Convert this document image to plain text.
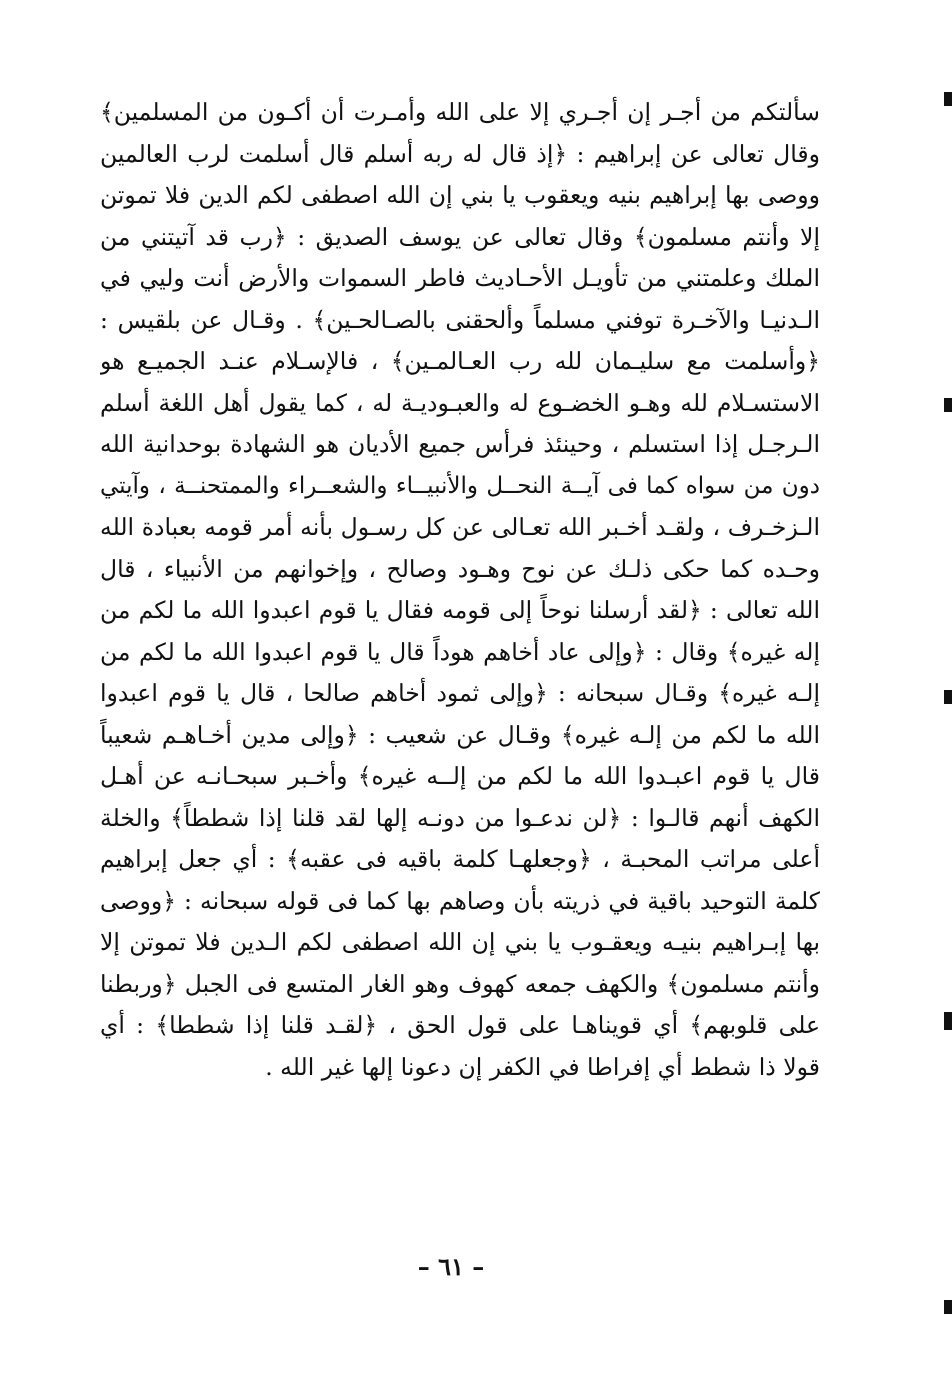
سألتكم من أجـر إن أجـري إلا على الله وأمـرت أن أكـون من المسلمين﴾
وقال تعالى عن إبراهيم : ﴿إذ قال له ربه أسلم قال أسلمت لرب العالمين
ووصى بها إبراهيم بنيه ويعقوب يا بني إن الله اصطفى لكم الدين فلا تموتن
إلا وأنتم مسلمون﴾ وقال تعالى عن يوسف الصديق : ﴿رب قد آتيتني من
الملك وعلمتني من تأويـل الأحـاديث فاطر السموات والأرض أنت وليي في
الـدنيـا والآخـرة توفني مسلماً وألحقنى بالصـالحـين﴾ . وقـال عن بلقيس :
﴿وأسلمت مع سليـمان لله رب العـالمـين﴾ ، فالإسـلام عنـد الجميـع هو
الاستسـلام لله وهـو الخضـوع له والعبـوديـة له ، كما يقول أهل اللغة أسلم
الـرجـل إذا استسلم ، وحينئذ فرأس جميع الأديان هو الشهادة بوحدانية الله
دون من سواه كما فى آيــة النحــل والأنبيــاء والشعــراء والممتحنــة ، وآيتي
الـزخـرف ، ولقـد أخـبر الله تعـالى عن كل رسـول بأنه أمر قومه بعبادة الله
وحـده كما حكى ذلـك عن نوح وهـود وصالح ، وإخوانهم من الأنبياء ، قال
الله تعالى : ﴿لقد أرسلنا نوحاً إلى قومه فقال يا قوم اعبدوا الله ما لكم من
إله غيره﴾ وقال : ﴿وإلى عاد أخاهم هوداً قال يا قوم اعبدوا الله ما لكم من
إلـه غيره﴾ وقـال سبحانه : ﴿وإلى ثمود أخاهم صالحا ، قال يا قوم اعبدوا
الله ما لكم من إلـه غيره﴾ وقـال عن شعيب : ﴿وإلى مدين أخـاهـم شعيباً
قال يا قوم اعبـدوا الله ما لكم من إلــه غيره﴾ وأخـبر سبحـانـه عن أهـل
الكهف أنهم قالـوا : ﴿لن ندعـوا من دونـه إلها لقد قلنا إذا شططاً﴾ والخلة
أعلى مراتب المحبـة ، ﴿وجعلهـا كلمة باقيه فى عقبه﴾ : أي جعل إبراهيم
كلمة التوحيد باقية في ذريته بأن وصاهم بها كما فى قوله سبحانه : ﴿ووصى
بها إبـراهيم بنيـه ويعقـوب يا بني إن الله اصطفى لكم الـدين فلا تموتن إلا
وأنتم مسلمون﴾ والكهف جمعه كهوف وهو الغار المتسع فى الجبل ﴿وربطنا
على قلوبهم﴾ أي قويناهـا على قول الحق ، ﴿لقـد قلنا إذا شططا﴾ : أي
قولا ذا شطط أي إفراطا في الكفر إن دعونا إلها غير الله .
– ٦١ –
